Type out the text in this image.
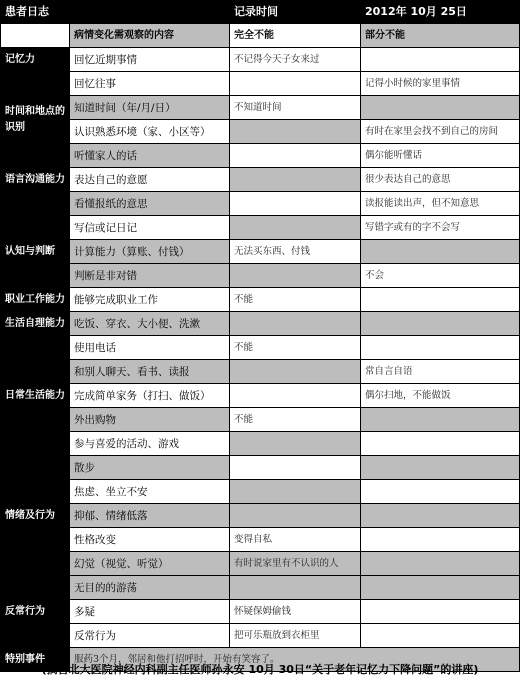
患者日志		记录时间	2012年 10月 25日
	病情变化需观察的内容	完全不能	部分不能
记忆力	回忆近期事情	不记得今天子女来过	
时间和地点的识别	回忆往事		记得小时候的家里事情
	知道时间（年/月/日）	不知道时间	
	认识熟悉环境（家、小区等）		有时在家里会找不到自己的房间
	听懂家人的话		偶尔能听懂话
语言沟通能力	表达自己的意愿		很少表达自己的意思
	看懂报纸的意思		读报能读出声，但不知意思
	写信或记日记		写错字或有的字不会写
认知与判断	计算能力（算账、付钱）	无法买东西、付钱	
	判断是非对错		不会
职业工作能力	能够完成职业工作	不能	
生活自理能力	吃饭、穿衣、大小便、洗漱		
	使用电话	不能	
	和别人聊天、看书、读报		常自言自语
日常生活能力	完成简单家务（打扫、做饭）		偶尔扫地，不能做饭
	外出购物	不能	
	参与喜爱的活动、游戏		
	散步		
	焦虑、坐立不安		
情绪及行为	抑郁、情绪低落		
	性格改变	变得自私	
	幻觉（视觉、听觉）	有时说家里有不认识的人	
	无目的的游荡		
反常行为	多疑	怀疑保姆偷钱	
	反常行为	把可乐瓶放到衣柜里	
特别事件	服药3个月，邻居和他打招呼时，开始有笑容了。		
(摘自北大医院神经内科副主任医师孙永安 10月 30日“关于老年记忆力下降问题”的讲座)
